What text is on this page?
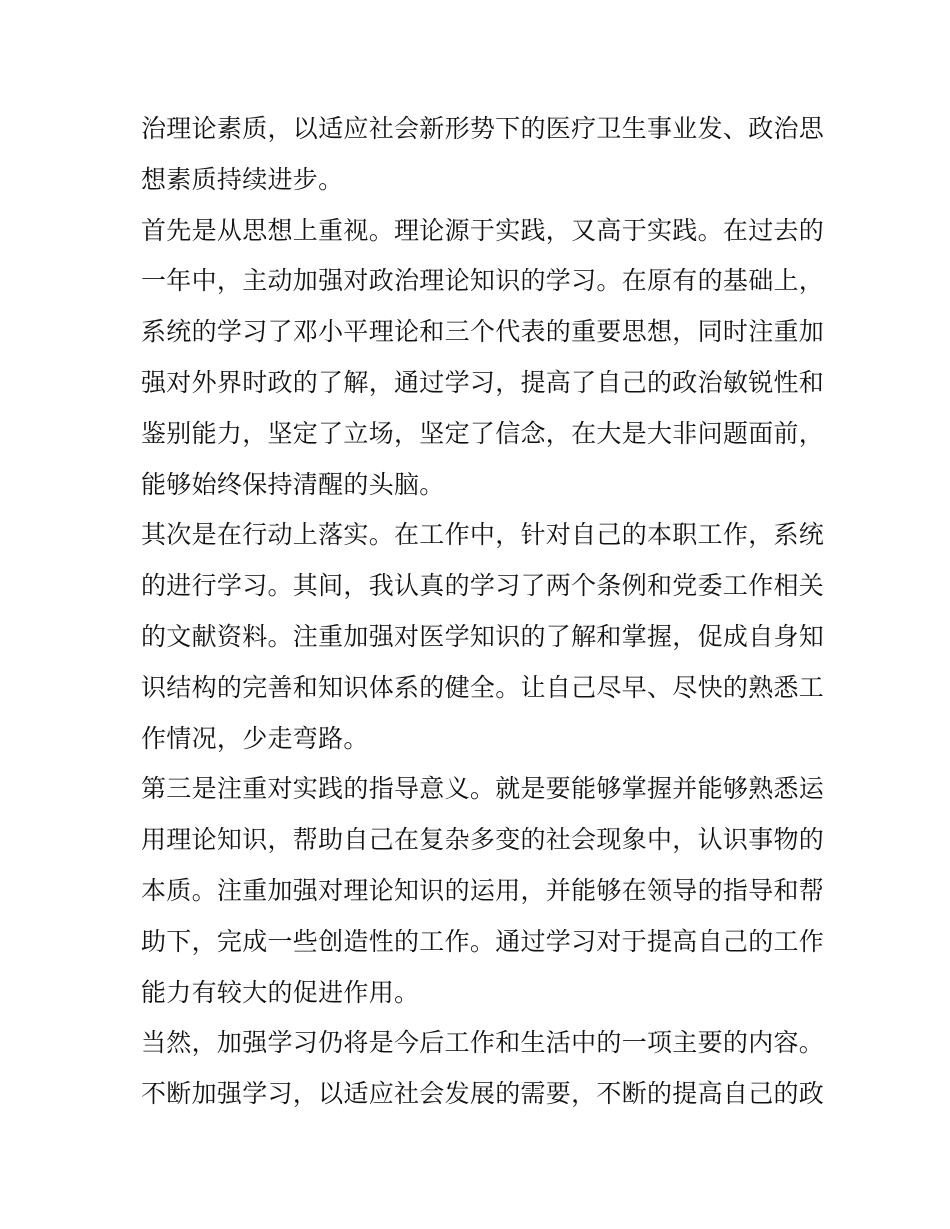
治理论素质，以适应社会新形势下的医疗卫生事业发、政治思
想素质持续进步。

首先是从思想上重视。理论源于实践，又高于实践。在过去的
一年中，主动加强对政治理论知识的学习。在原有的基础上，
系统的学习了邓小平理论和三个代表的重要思想，同时注重加
强对外界时政的了解，通过学习，提高了自己的政治敏锐性和
鉴别能力，坚定了立场，坚定了信念，在大是大非问题面前，
能够始终保持清醒的头脑。

其次是在行动上落实。在工作中，针对自己的本职工作，系统
的进行学习。其间，我认真的学习了两个条例和党委工作相关
的文献资料。注重加强对医学知识的了解和掌握，促成自身知
识结构的完善和知识体系的健全。让自己尽早、尽快的熟悉工
作情况，少走弯路。

第三是注重对实践的指导意义。就是要能够掌握并能够熟悉运
用理论知识，帮助自己在复杂多变的社会现象中，认识事物的
本质。注重加强对理论知识的运用，并能够在领导的指导和帮
助下，完成一些创造性的工作。通过学习对于提高自己的工作
能力有较大的促进作用。

当然，加强学习仍将是今后工作和生活中的一项主要的内容。
不断加强学习，以适应社会发展的需要，不断的提高自己的政
